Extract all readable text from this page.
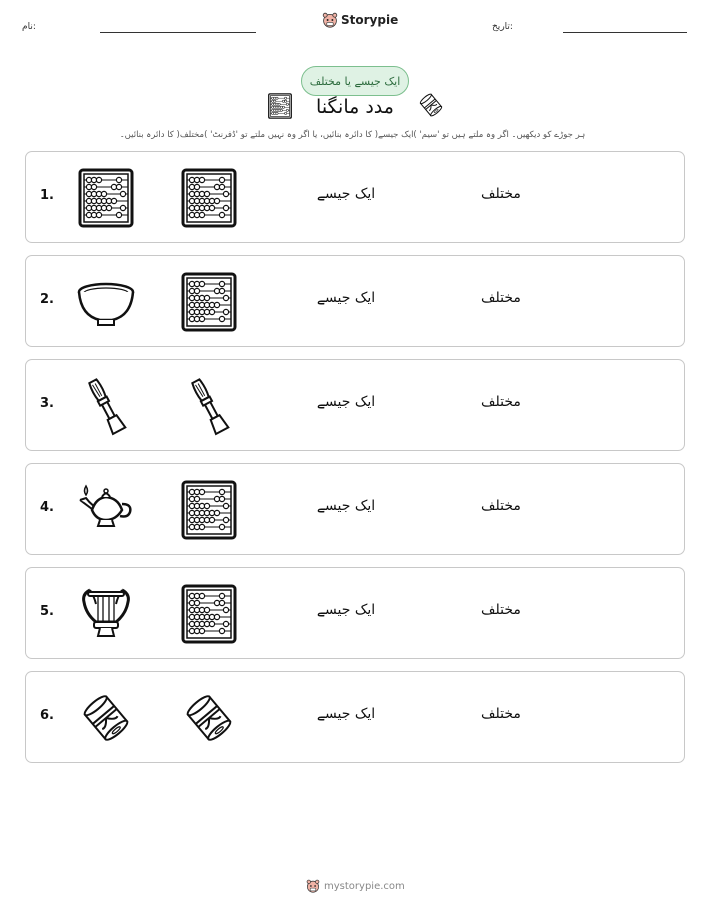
نام:	Storypie	تاریخ:
ایک جیسے یا مختلف
مدد مانگنا
ہر جوڑے کو دیکھیں۔ اگر وہ ملتے ہیں تو 'سیم' )ایک جیسے( کا دائرہ بنائیں، یا اگر وہ نہیں ملتے تو 'ڈفرنٹ' )مختلف( کا دائرہ بنائیں۔
1.	ایک جیسے	مختلف
2.	ایک جیسے	مختلف
3.	ایک جیسے	مختلف
4.	ایک جیسے	مختلف
5.	ایک جیسے	مختلف
6.	ایک جیسے	مختلف
mystorypie.com
